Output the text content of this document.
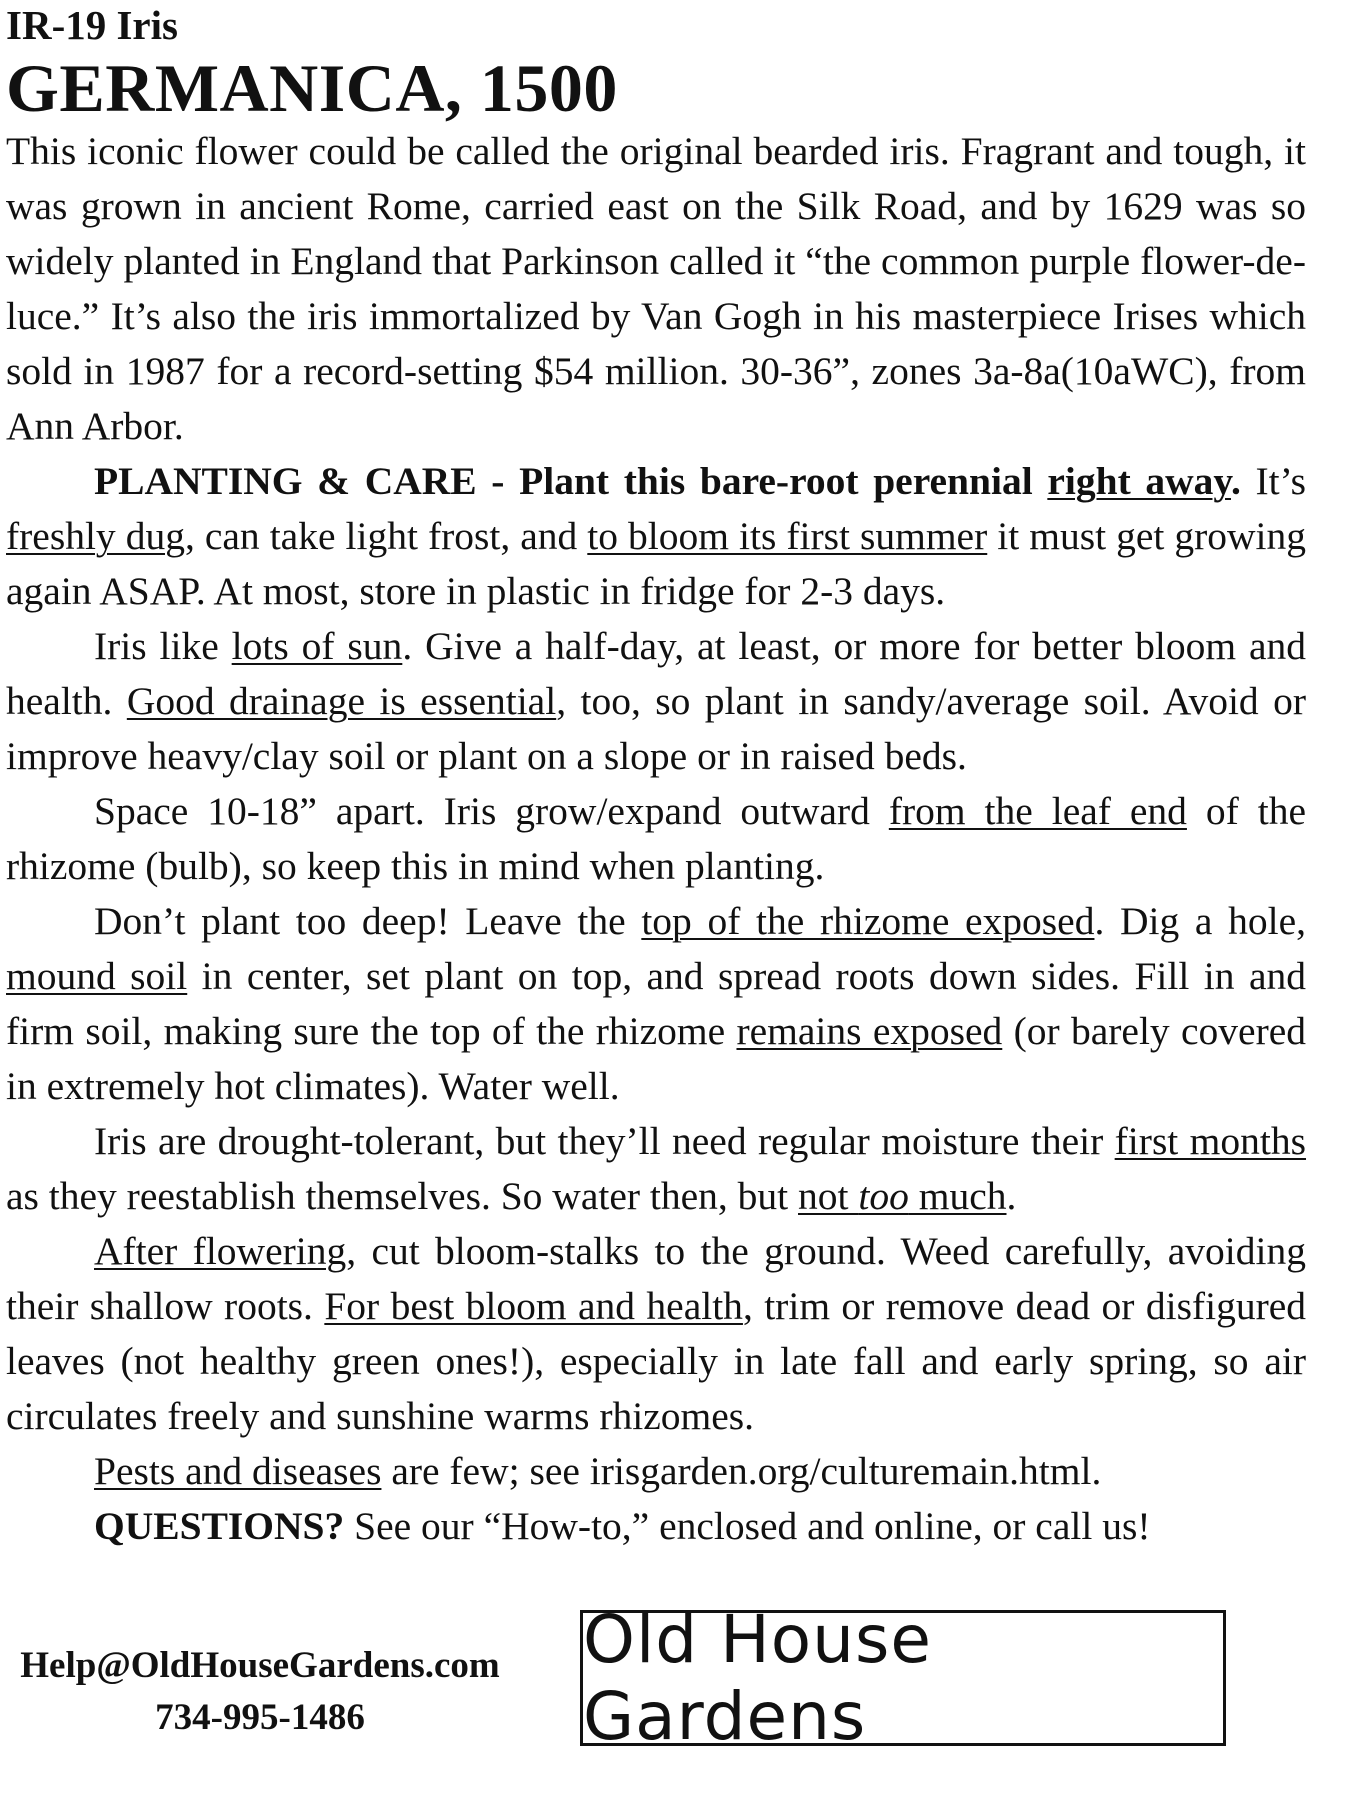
IR-19 Iris
GERMANICA, 1500

This iconic flower could be called the original bearded iris. Fragrant and tough, it was grown in ancient Rome, carried east on the Silk Road, and by 1629 was so widely planted in England that Parkinson called it “the common purple flower-de-luce.” It’s also the iris immortalized by Van Gogh in his masterpiece Irises which sold in 1987 for a record-setting $54 million. 30-36”, zones 3a-8a(10aWC), from Ann Arbor.

PLANTING & CARE - Plant this bare-root perennial right away. It’s freshly dug, can take light frost, and to bloom its first summer it must get growing again ASAP. At most, store in plastic in fridge for 2-3 days.

Iris like lots of sun. Give a half-day, at least, or more for better bloom and health. Good drainage is essential, too, so plant in sandy/average soil. Avoid or improve heavy/clay soil or plant on a slope or in raised beds.

Space 10-18” apart. Iris grow/expand outward from the leaf end of the rhizome (bulb), so keep this in mind when planting.

Don’t plant too deep! Leave the top of the rhizome exposed. Dig a hole, mound soil in center, set plant on top, and spread roots down sides. Fill in and firm soil, making sure the top of the rhizome remains exposed (or barely covered in extremely hot climates). Water well.

Iris are drought-tolerant, but they’ll need regular moisture their first months as they reestablish themselves. So water then, but not too much.

After flowering, cut bloom-stalks to the ground. Weed carefully, avoiding their shallow roots. For best bloom and health, trim or remove dead or disfigured leaves (not healthy green ones!), especially in late fall and early spring, so air circulates freely and sunshine warms rhizomes.

Pests and diseases are few; see irisgarden.org/culturemain.html.

QUESTIONS? See our “How-to,” enclosed and online, or call us!

Help@OldHouseGardens.com
734-995-1486
Old House Gardens
